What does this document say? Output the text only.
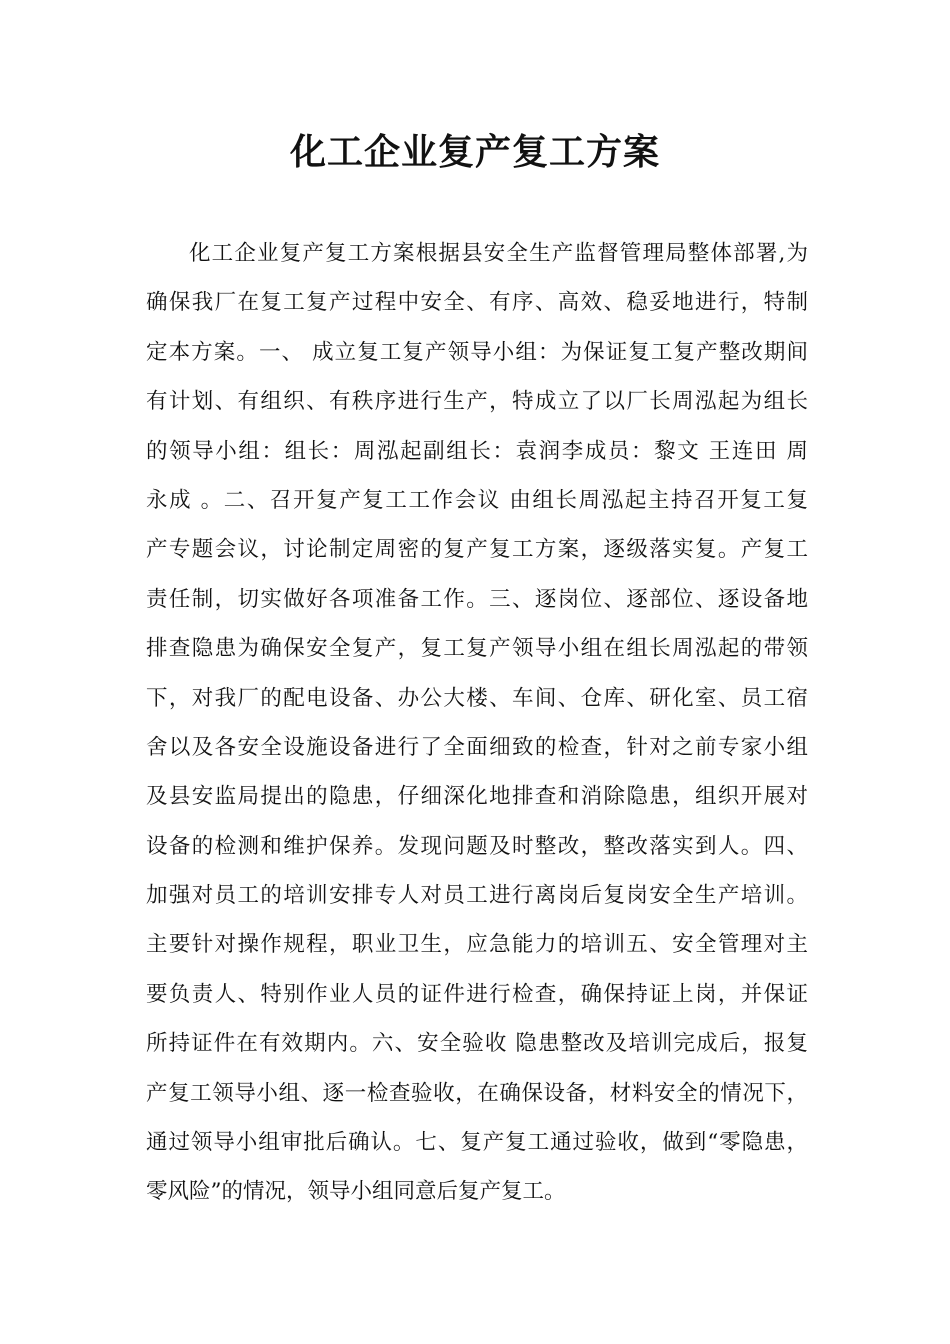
化工企业复产复工方案
化工企业复产复工方案根据县安全生产监督管理局整体部署,为
确保我厂在复工复产过程中安全、有序、高效、稳妥地进行，特制
定本方案。一、 成立复工复产领导小组：为保证复工复产整改期间
有计划、有组织、有秩序进行生产，特成立了以厂长周泓起为组长
的领导小组：组长：周泓起副组长：袁润李成员：黎文 王连田 周
永成 。二、召开复产复工工作会议 由组长周泓起主持召开复工复
产专题会议，讨论制定周密的复产复工方案，逐级落实复。产复工
责任制，切实做好各项准备工作。三、逐岗位、逐部位、逐设备地
排查隐患为确保安全复产，复工复产领导小组在组长周泓起的带领
下，对我厂的配电设备、办公大楼、车间、仓库、研化室、员工宿
舍以及各安全设施设备进行了全面细致的检查，针对之前专家小组
及县安监局提出的隐患，仔细深化地排查和消除隐患，组织开展对
设备的检测和维护保养。发现问题及时整改，整改落实到人。四、
加强对员工的培训安排专人对员工进行离岗后复岗安全生产培训。
主要针对操作规程，职业卫生，应急能力的培训五、安全管理对主
要负责人、特别作业人员的证件进行检查，确保持证上岗，并保证
所持证件在有效期内。六、安全验收 隐患整改及培训完成后，报复
产复工领导小组、逐一检查验收，在确保设备，材料安全的情况下，
通过领导小组审批后确认。七、复产复工通过验收，做到“零隐患，
零风险”的情况，领导小组同意后复产复工。
